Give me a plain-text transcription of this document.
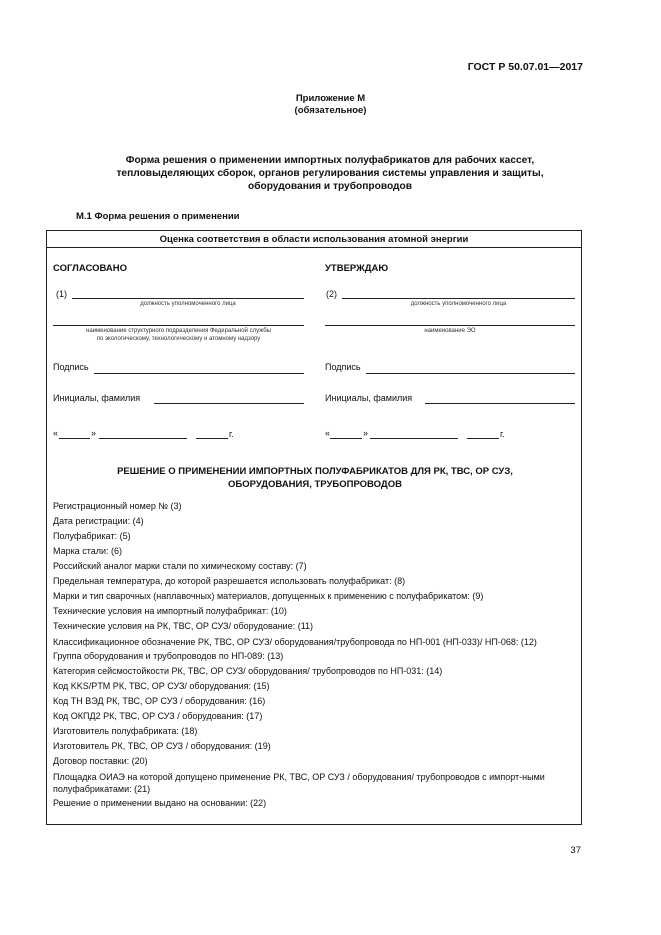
ГОСТ Р 50.07.01—2017
Приложение М
(обязательное)
Форма решения о применении импортных полуфабрикатов для рабочих кассет,
тепловыделяющих сборок, органов регулирования системы управления и защиты,
оборудования и трубопроводов
М.1 Форма решения о применении
Оценка соответствия в области использования атомной энергии
СОГЛАСОВАНО
(1)
должность уполномоченного лица
наименование структурного подразделения Федеральной службы
по экологическому, технологическому и атомному надзору
Подпись
Инициалы, фамилия
«	»	г.
УТВЕРЖДАЮ
(2)
должность уполномоченного лица
наименование ЭО
Подпись
Инициалы, фамилия
«	»	г.
РЕШЕНИЕ О ПРИМЕНЕНИИ ИМПОРТНЫХ ПОЛУФАБРИКАТОВ ДЛЯ РК, ТВС, ОР СУЗ,
ОБОРУДОВАНИЯ, ТРУБОПРОВОДОВ
Регистрационный номер № (3)
Дата регистрации: (4)
Полуфабрикат: (5)
Марка стали: (6)
Российский аналог марки стали по химическому составу: (7)
Предельная температура, до которой разрешается использовать полуфабрикат: (8)
Марки и тип сварочных (наплавочных) материалов, допущенных к применению с полуфабрикатом: (9)
Технические условия на импортный полуфабрикат: (10)
Технические условия на РК, ТВС, ОР СУЗ/ оборудование: (11)
Классификационное обозначение РК, ТВС, ОР СУЗ/ оборудования/трубопровода по НП-001 (НП-033)/ НП-068: (12)
Группа оборудования и трубопроводов по НП-089: (13)
Категория сейсмостойкости РК, ТВС, ОР СУЗ/ оборудования/ трубопроводов по НП-031: (14)
Код KKS/PTM РК, ТВС, ОР СУЗ/ оборудования: (15)
Код ТН ВЭД РК, ТВС, ОР СУЗ / оборудования: (16)
Код ОКПД2 РК, ТВС, ОР СУЗ / оборудования: (17)
Изготовитель полуфабриката: (18)
Изготовитель РК, ТВС, ОР СУЗ / оборудования: (19)
Договор поставки: (20)
Площадка ОИАЭ на которой допущено применение РК, ТВС, ОР СУЗ / оборудования/ трубопроводов с импорт-ными полуфабрикатами: (21)
Решение о применении выдано на основании: (22)
37
